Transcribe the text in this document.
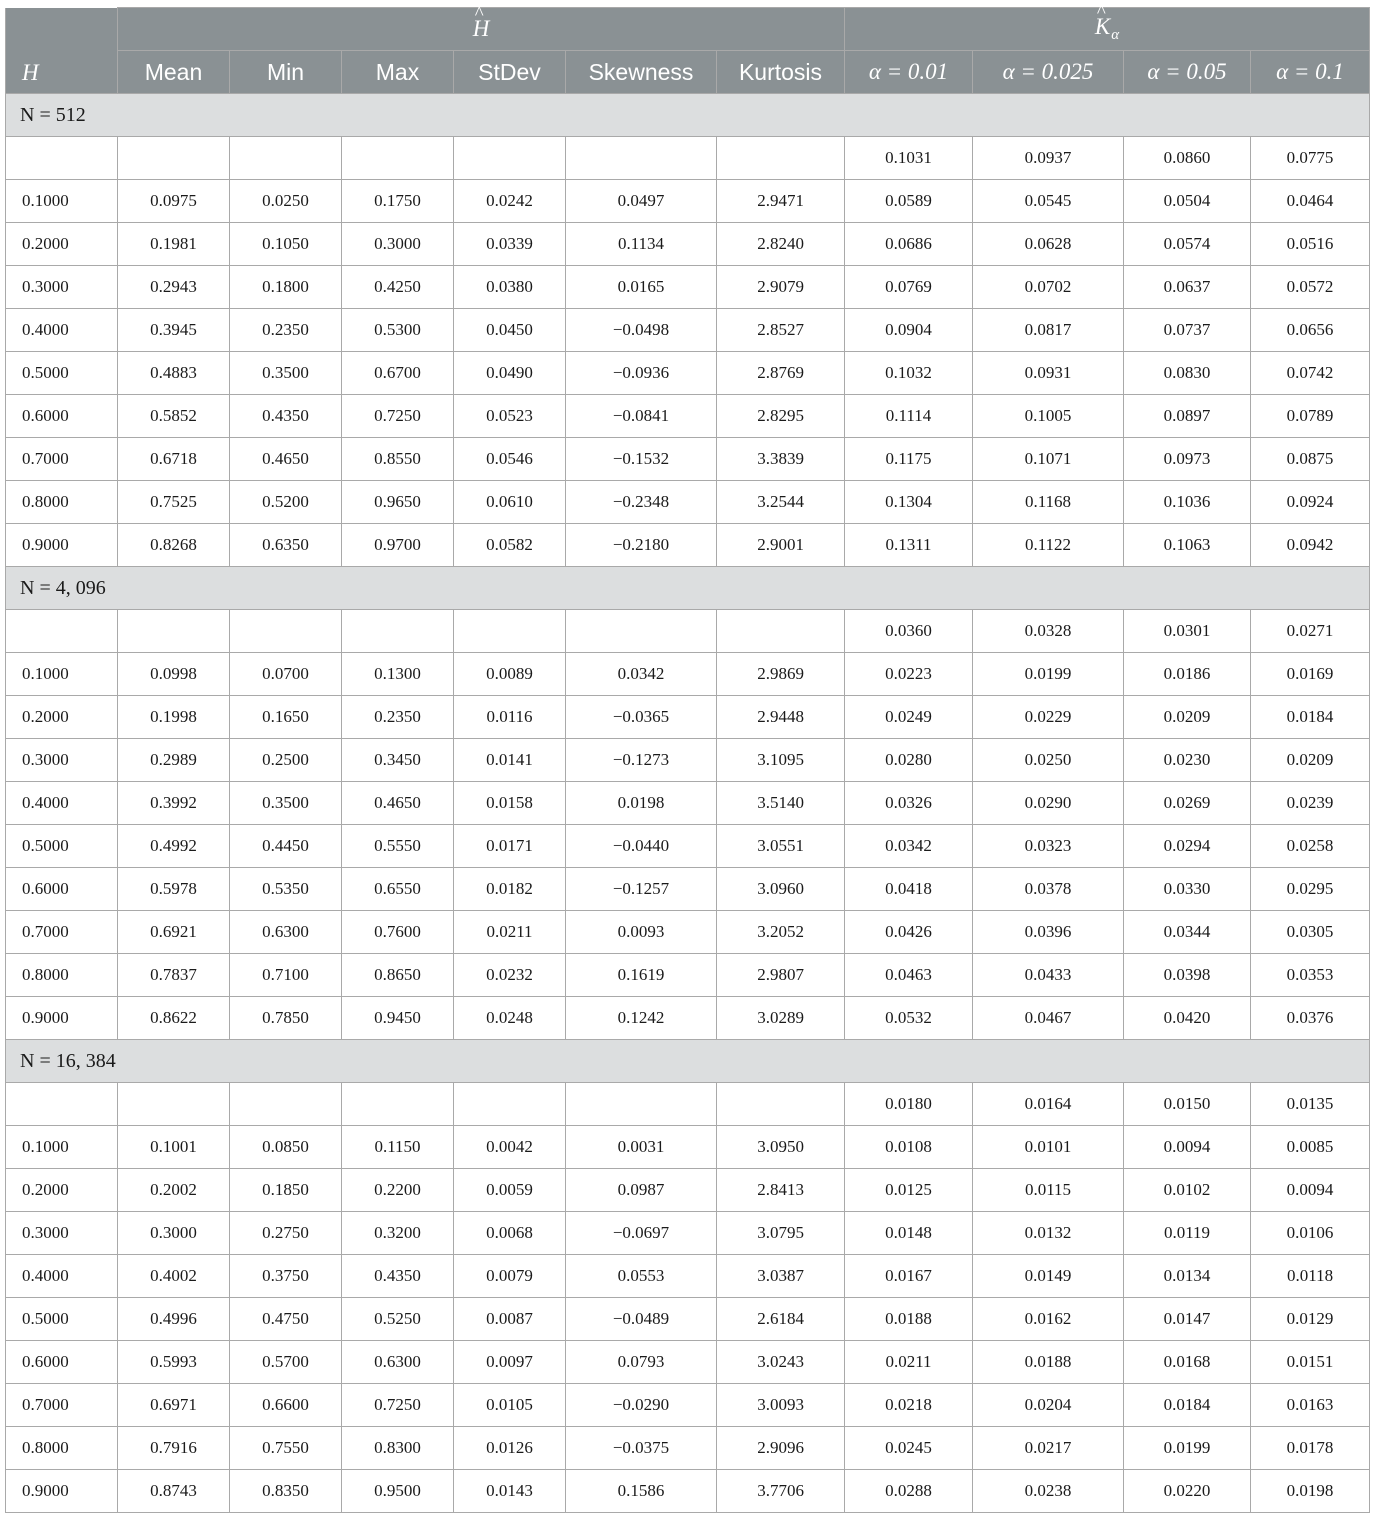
H	^ H						^ $K_\alpha$
	Mean	Min	Max	StDev	Skewness	Kurtosis	α = 0.01	α = 0.025	α = 0.05	α = 0.1
N = 512										
							0.1031	0.0937	0.0860	0.0775
0.1000	0.0975	0.0250	0.1750	0.0242	0.0497	2.9471	0.0589	0.0545	0.0504	0.0464
0.2000	0.1981	0.1050	0.3000	0.0339	0.1134	2.8240	0.0686	0.0628	0.0574	0.0516
0.3000	0.2943	0.1800	0.4250	0.0380	0.0165	2.9079	0.0769	0.0702	0.0637	0.0572
0.4000	0.3945	0.2350	0.5300	0.0450	−0.0498	2.8527	0.0904	0.0817	0.0737	0.0656
0.5000	0.4883	0.3500	0.6700	0.0490	−0.0936	2.8769	0.1032	0.0931	0.0830	0.0742
0.6000	0.5852	0.4350	0.7250	0.0523	−0.0841	2.8295	0.1114	0.1005	0.0897	0.0789
0.7000	0.6718	0.4650	0.8550	0.0546	−0.1532	3.3839	0.1175	0.1071	0.0973	0.0875
0.8000	0.7525	0.5200	0.9650	0.0610	−0.2348	3.2544	0.1304	0.1168	0.1036	0.0924
0.9000	0.8268	0.6350	0.9700	0.0582	−0.2180	2.9001	0.1311	0.1122	0.1063	0.0942
N = 4, 096										
							0.0360	0.0328	0.0301	0.0271
0.1000	0.0998	0.0700	0.1300	0.0089	0.0342	2.9869	0.0223	0.0199	0.0186	0.0169
0.2000	0.1998	0.1650	0.2350	0.0116	−0.0365	2.9448	0.0249	0.0229	0.0209	0.0184
0.3000	0.2989	0.2500	0.3450	0.0141	−0.1273	3.1095	0.0280	0.0250	0.0230	0.0209
0.4000	0.3992	0.3500	0.4650	0.0158	0.0198	3.5140	0.0326	0.0290	0.0269	0.0239
0.5000	0.4992	0.4450	0.5550	0.0171	−0.0440	3.0551	0.0342	0.0323	0.0294	0.0258
0.6000	0.5978	0.5350	0.6550	0.0182	−0.1257	3.0960	0.0418	0.0378	0.0330	0.0295
0.7000	0.6921	0.6300	0.7600	0.0211	0.0093	3.2052	0.0426	0.0396	0.0344	0.0305
0.8000	0.7837	0.7100	0.8650	0.0232	0.1619	2.9807	0.0463	0.0433	0.0398	0.0353
0.9000	0.8622	0.7850	0.9450	0.0248	0.1242	3.0289	0.0532	0.0467	0.0420	0.0376
N = 16, 384										
							0.0180	0.0164	0.0150	0.0135
0.1000	0.1001	0.0850	0.1150	0.0042	0.0031	3.0950	0.0108	0.0101	0.0094	0.0085
0.2000	0.2002	0.1850	0.2200	0.0059	0.0987	2.8413	0.0125	0.0115	0.0102	0.0094
0.3000	0.3000	0.2750	0.3200	0.0068	−0.0697	3.0795	0.0148	0.0132	0.0119	0.0106
0.4000	0.4002	0.3750	0.4350	0.0079	0.0553	3.0387	0.0167	0.0149	0.0134	0.0118
0.5000	0.4996	0.4750	0.5250	0.0087	−0.0489	2.6184	0.0188	0.0162	0.0147	0.0129
0.6000	0.5993	0.5700	0.6300	0.0097	0.0793	3.0243	0.0211	0.0188	0.0168	0.0151
0.7000	0.6971	0.6600	0.7250	0.0105	−0.0290	3.0093	0.0218	0.0204	0.0184	0.0163
0.8000	0.7916	0.7550	0.8300	0.0126	−0.0375	2.9096	0.0245	0.0217	0.0199	0.0178
0.9000	0.8743	0.8350	0.9500	0.0143	0.1586	3.7706	0.0288	0.0238	0.0220	0.0198
